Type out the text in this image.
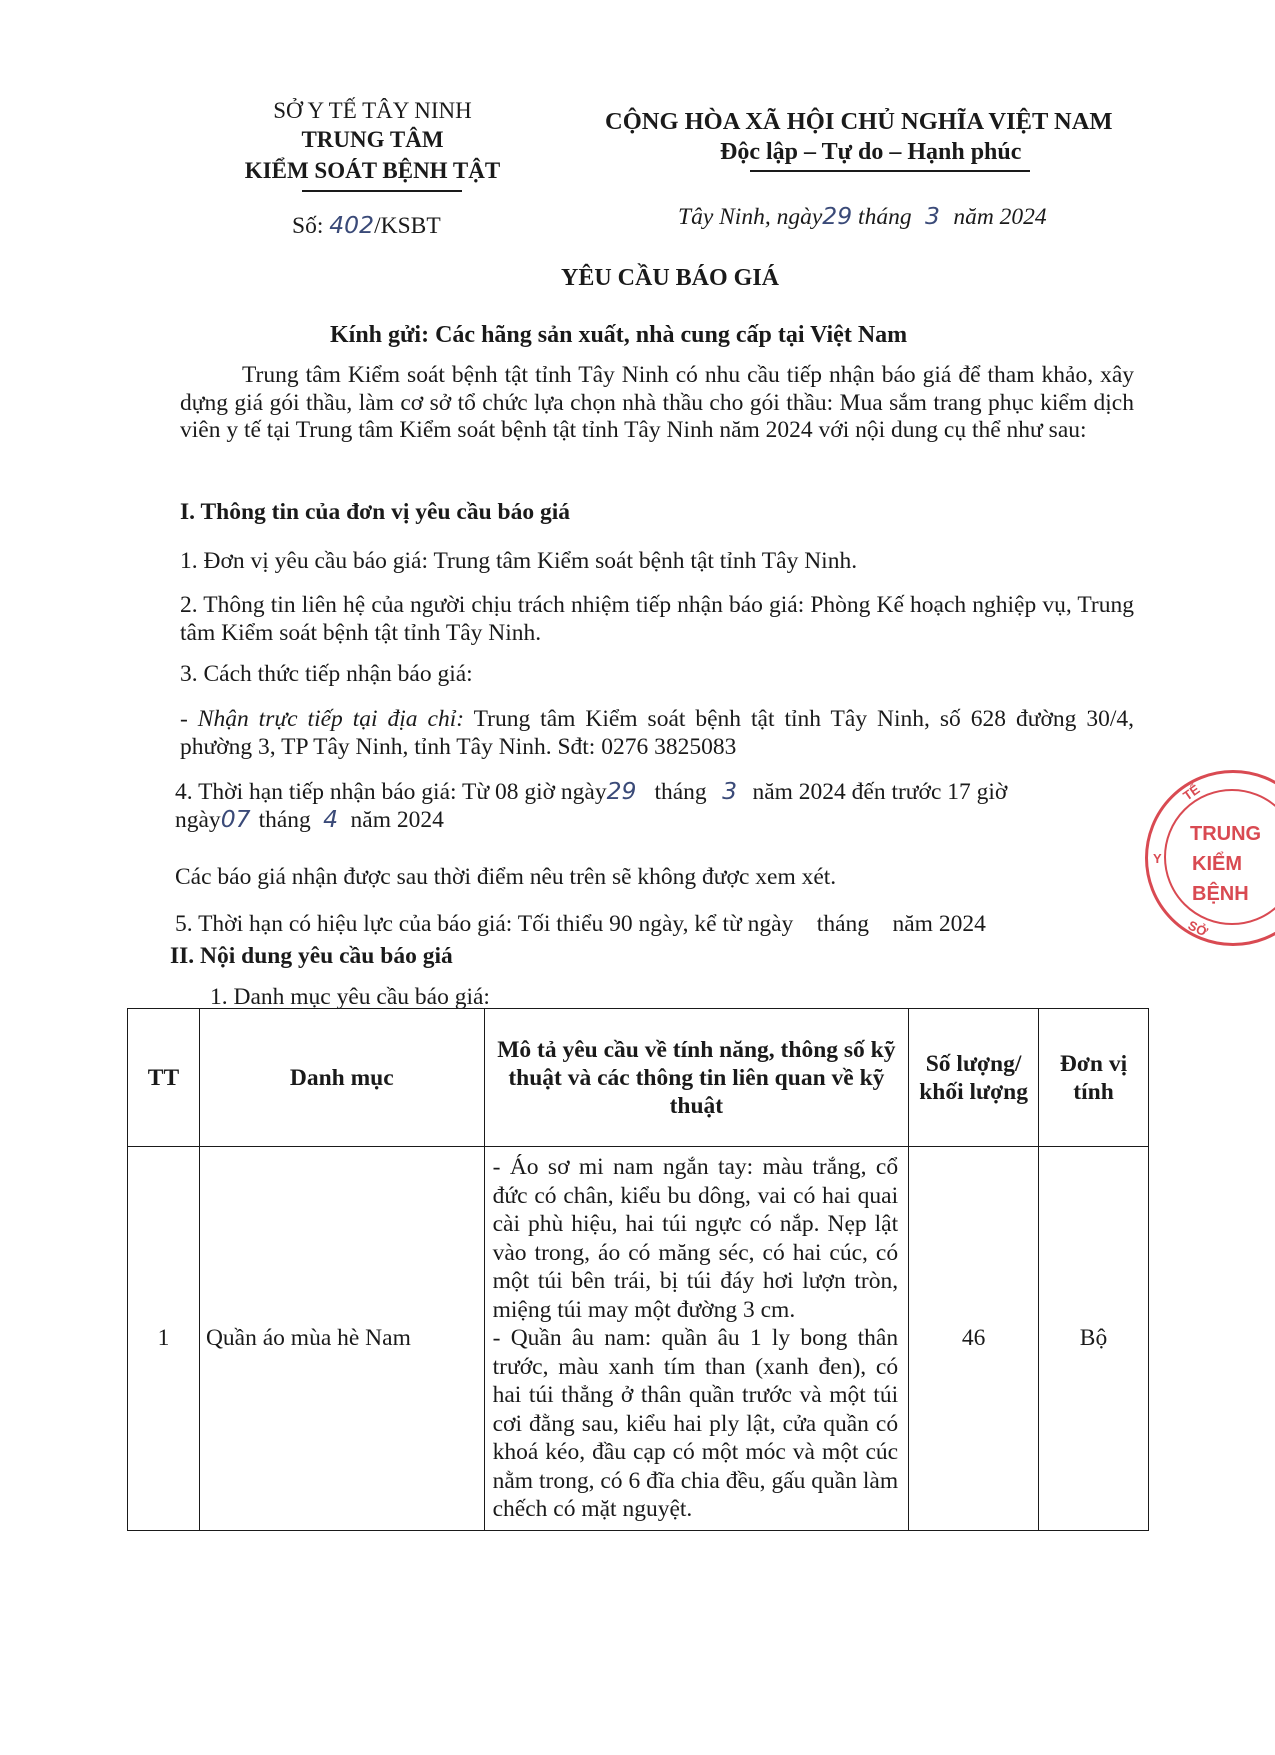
SỞ Y TẾ TÂY NINH
TRUNG TÂM
KIỂM SOÁT BỆNH TẬT
Số: 402/KSBT
CỘNG HÒA XÃ HỘI CHỦ NGHĨA VIỆT NAM
Độc lập – Tự do – Hạnh phúc
Tây Ninh, ngày29 tháng 3 năm 2024
YÊU CẦU BÁO GIÁ
Kính gửi: Các hãng sản xuất, nhà cung cấp tại Việt Nam
Trung tâm Kiểm soát bệnh tật tỉnh Tây Ninh có nhu cầu tiếp nhận báo giá để tham khảo, xây dựng giá gói thầu, làm cơ sở tổ chức lựa chọn nhà thầu cho gói thầu: Mua sắm trang phục kiểm dịch viên y tế tại Trung tâm Kiểm soát bệnh tật tỉnh Tây Ninh năm 2024 với nội dung cụ thể như sau:
I. Thông tin của đơn vị yêu cầu báo giá
1. Đơn vị yêu cầu báo giá: Trung tâm Kiểm soát bệnh tật tỉnh Tây Ninh.
2. Thông tin liên hệ của người chịu trách nhiệm tiếp nhận báo giá: Phòng Kế hoạch nghiệp vụ, Trung tâm Kiểm soát bệnh tật tỉnh Tây Ninh.
3. Cách thức tiếp nhận báo giá:
- Nhận trực tiếp tại địa chỉ: Trung tâm Kiểm soát bệnh tật tỉnh Tây Ninh, số 628 đường 30/4, phường 3, TP Tây Ninh, tỉnh Tây Ninh. Sđt: 0276 3825083
4. Thời hạn tiếp nhận báo giá: Từ 08 giờ ngày29 tháng 3 năm 2024 đến trước 17 giờ
ngày07 tháng 4 năm 2024
Các báo giá nhận được sau thời điểm nêu trên sẽ không được xem xét.
5. Thời hạn có hiệu lực của báo giá: Tối thiểu 90 ngày, kể từ ngày    tháng    năm 2024
II. Nội dung yêu cầu báo giá
1. Danh mục yêu cầu báo giá:
TRUNG
KIỂM
BỆNH
TẾ
Y
SỞ
TT	Danh mục	Mô tả yêu cầu về tính năng, thông số kỹ thuật và các thông tin liên quan về kỹ thuật	Số lượng/ khối lượng	Đơn vị tính
1	Quần áo mùa hè Nam	- Áo sơ mi nam ngắn tay: màu trắng, cổ đức có chân, kiểu bu dông, vai có hai quai cài phù hiệu, hai túi ngực có nắp. Nẹp lật vào trong, áo có măng séc, có hai cúc, có một túi bên trái, bị túi đáy hơi lượn tròn, miệng túi may một đường 3 cm.
- Quần âu nam: quần âu 1 ly bong thân trước, màu xanh tím than (xanh đen), có hai túi thẳng ở thân quần trước và một túi cơi đằng sau, kiểu hai ply lật, cửa quần có khoá kéo, đầu cạp có một móc và một cúc nằm trong, có 6 đĩa chia đều, gấu quần làm chếch có mặt nguyệt.	46	Bộ
